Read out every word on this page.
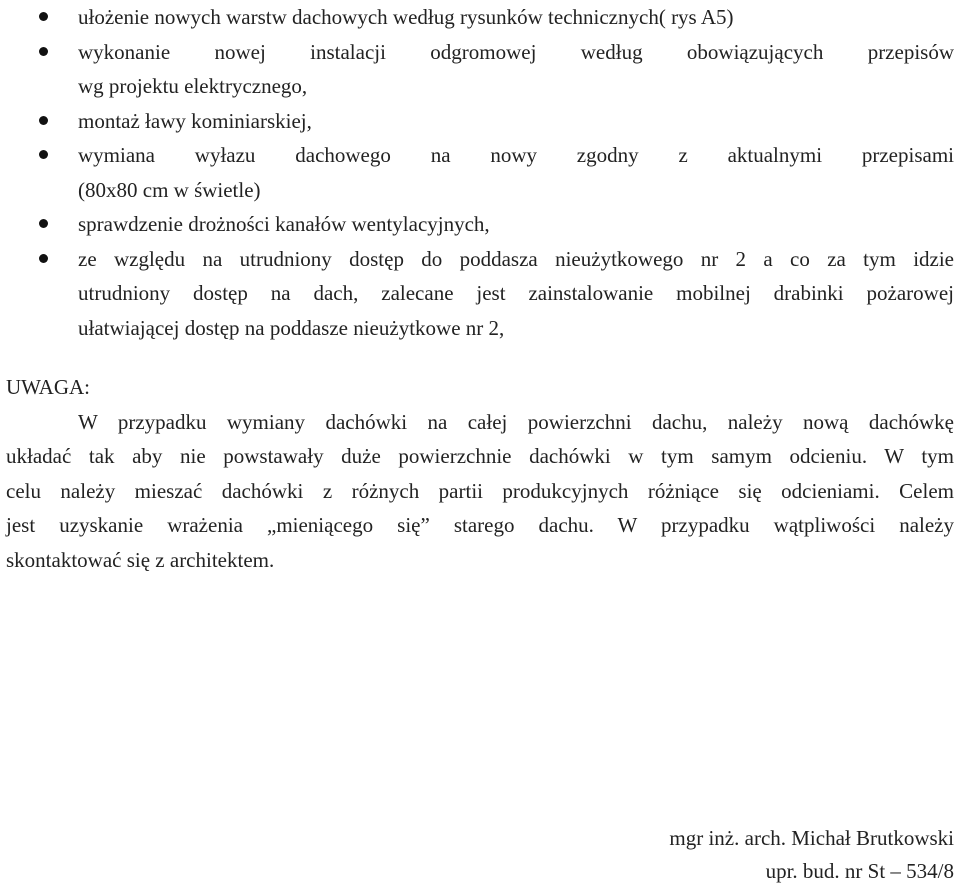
ułożenie nowych warstw dachowych według rysunków technicznych( rys A5)
wykonanie nowej instalacji odgromowej według obowiązujących przepisów
wg projektu elektrycznego,
montaż ławy kominiarskiej,
wymiana wyłazu dachowego na nowy zgodny z aktualnymi przepisami
(80x80 cm w świetle)
sprawdzenie drożności kanałów wentylacyjnych,
ze względu na utrudniony dostęp do poddasza nieużytkowego nr 2 a co za tym idzie
utrudniony dostęp na dach, zalecane jest zainstalowanie mobilnej drabinki pożarowej
ułatwiającej dostęp na poddasze nieużytkowe nr 2,
UWAGA:
W przypadku wymiany dachówki na całej powierzchni dachu, należy nową dachówkę
układać tak aby nie powstawały duże powierzchnie dachówki w tym samym odcieniu. W tym
celu należy mieszać dachówki z różnych partii produkcyjnych różniące się odcieniami. Celem
jest uzyskanie wrażenia „mieniącego się” starego dachu. W przypadku wątpliwości należy
skontaktować się z architektem.
mgr inż. arch. Michał Brutkowski
upr. bud. nr St – 534/8
